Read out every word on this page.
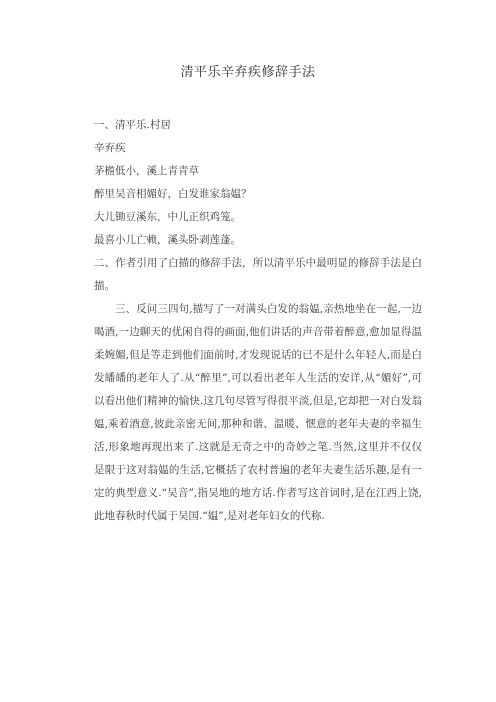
清平乐辛弃疾修辞手法

一、清平乐.村居

辛弃疾

茅檐低小，溪上青青草

醉里吴音相媚好，白发谁家翁媪？

大儿锄豆溪东，中儿正织鸡笼。

最喜小儿亡赖，溪头卧剥莲蓬。

二、作者引用了白描的修辞手法，所以清平乐中最明显的修辞手法是白描。

三、反问三四句,描写了一对满头白发的翁媪,亲热地坐在一起,一边喝酒,一边聊天的优闲自得的画面,他们讲话的声音带着醉意,愈加显得温柔婉媚,但是等走到他们面前时,才发现说话的已不是什么年轻人,而是白发皤皤的老年人了.从“醉里”,可以看出老年人生活的安详,从“媚好”,可以看出他们精神的愉快.这几句尽管写得很平淡,但是,它却把一对白发翁媪,乘着酒意,彼此亲密无间,那种和谐、温暖、惬意的老年夫妻的幸福生活,形象地再现出来了.这就是无奇之中的奇妙之笔.当然,这里并不仅仅是限于这对翁媪的生活,它概括了农村普遍的老年夫妻生活乐趣,是有一定的典型意义.“吴音”,指吴地的地方话.作者写这首词时,是在江西上饶,此地春秋时代属于吴国.“媪”,是对老年妇女的代称.
